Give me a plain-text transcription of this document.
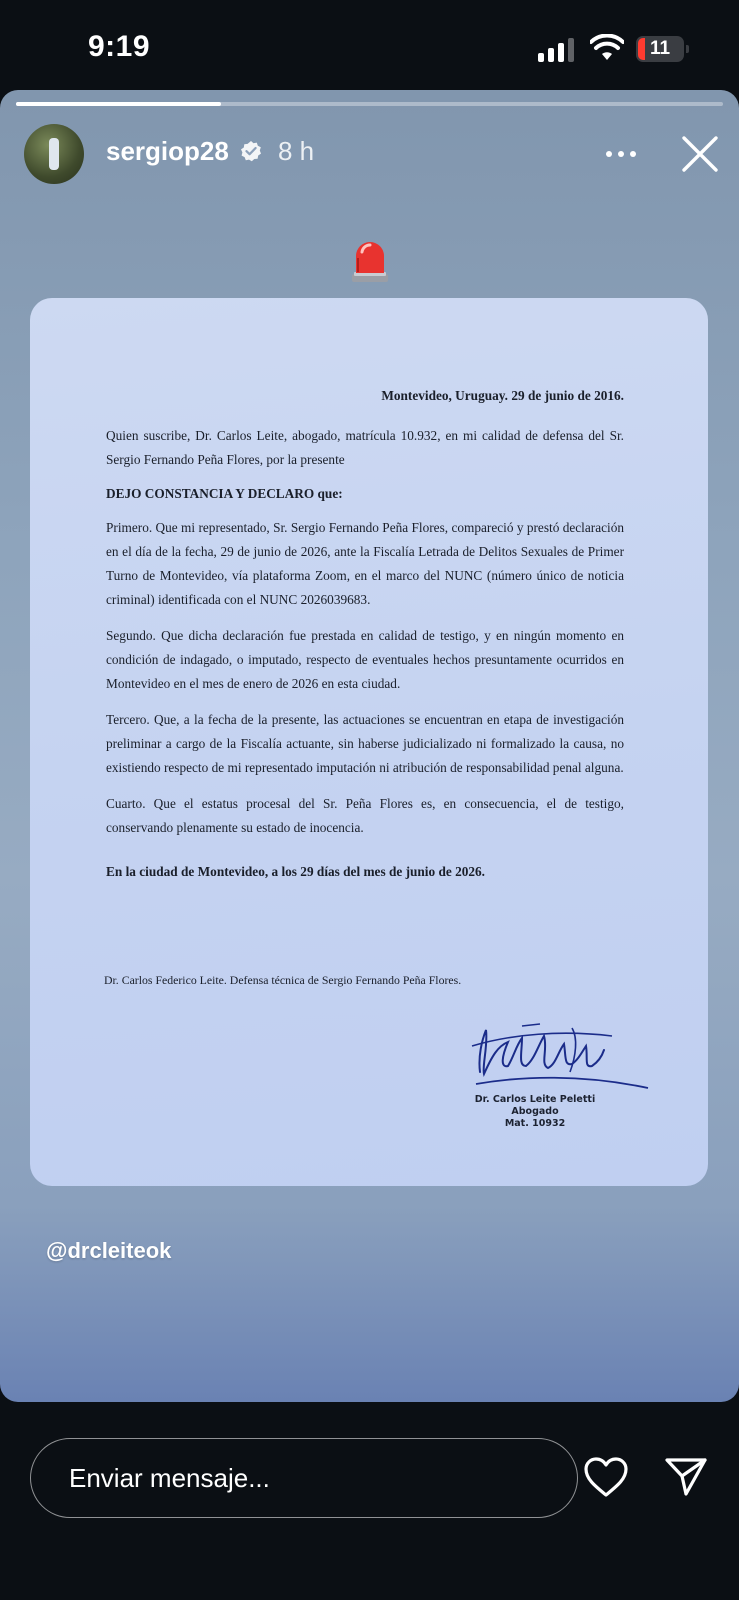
9:19	11
sergiop28 8 h

Montevideo, Uruguay. 29 de junio de 2016.

Quien suscribe, Dr. Carlos Leite, abogado, matrícula 10.932, en mi calidad de defensa del Sr. Sergio Fernando Peña Flores, por la presente

DEJO CONSTANCIA Y DECLARO que:

Primero. Que mi representado, Sr. Sergio Fernando Peña Flores, compareció y prestó declaración en el día de la fecha, 29 de junio de 2026, ante la Fiscalía Letrada de Delitos Sexuales de Primer Turno de Montevideo, vía plataforma Zoom, en el marco del NUNC (número único de noticia criminal) identificada con el NUNC 2026039683.

Segundo. Que dicha declaración fue prestada en calidad de testigo, y en ningún momento en condición de indagado, o imputado, respecto de eventuales hechos presuntamente ocurridos en Montevideo en el mes de enero de 2026 en esta ciudad.

Tercero. Que, a la fecha de la presente, las actuaciones se encuentran en etapa de investigación preliminar a cargo de la Fiscalía actuante, sin haberse judicializado ni formalizado la causa, no existiendo respecto de mi representado imputación ni atribución de responsabilidad penal alguna.

Cuarto. Que el estatus procesal del Sr. Peña Flores es, en consecuencia, el de testigo, conservando plenamente su estado de inocencia.

En la ciudad de Montevideo, a los 29 días del mes de junio de 2026.

Dr. Carlos Federico Leite. Defensa técnica de Sergio Fernando Peña Flores.
Dr. Carlos Leite Peletti
Abogado
Mat. 10932
@drcleiteok
Enviar mensaje...
